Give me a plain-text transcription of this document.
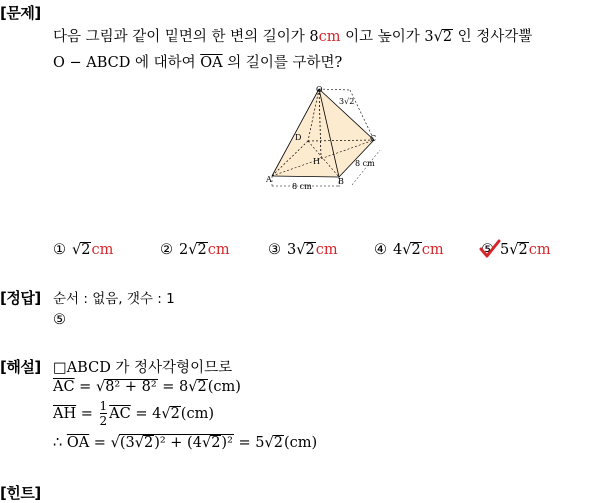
[문제]
[정답]
[해설]
[힌트]
다음 그림과 같이 밑면의 한 변의 길이가 8cm 이고 높이가 3√2 인 정사각뿔
O − ABCD 에 대하여 $\overline{OA}$ 의 길이를 구하면?
O
3√2
D
H
C
A	B
8 cm
8 cm
① √2cm	② 2√2cm	③ 3√2cm	④ 4√2cm	⑤ 5√2cm
순서 : 없음, 갯수 : 1
⑤
□ABCD 가 정사각형이므로
$\overline{AC} = √8^2 + 8^2 = 8√2(cm)$
$\overline{AH} = \frac{1}{2} \overline{AC} = 4√2(cm)$
∴ $\overline{OA} = √(3√2)^2 + (4√2)^2 = 5√2(cm)$
